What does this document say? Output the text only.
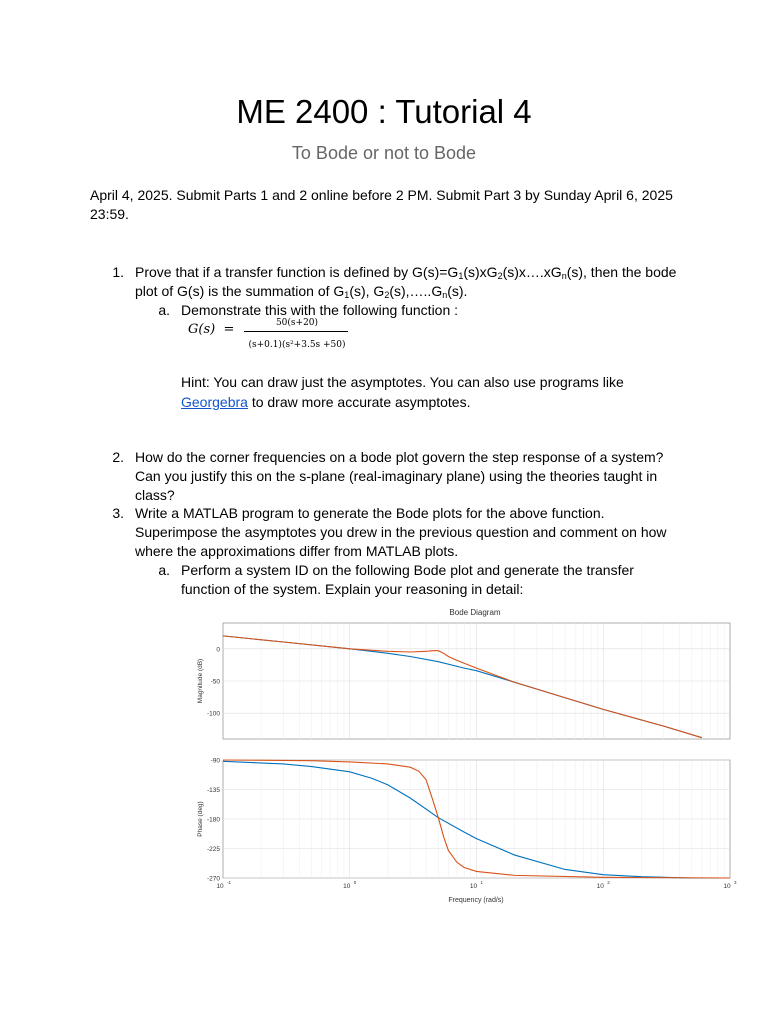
ME 2400 : Tutorial 4
To Bode or not to Bode
April 4, 2025. Submit Parts 1 and 2 online before 2 PM. Submit Part 3 by Sunday April 6, 2025 23:59.
1. Prove that if a transfer function is defined by $G(s)=G_1(s)xG_2(s)x\dots.xG_n(s)$, then the bode
plot of G(s) is the summation of $G_1(s)$, $G_2(s),\dots..G_n(s)$.
a. Demonstrate this with the following function :
G(s)  =	50(s+20)
(s+0.1)(s²+3.5s +50)
Hint: You can draw just the asymptotes. You can also use programs like
Georgebra to draw more accurate asymptotes.
2. How do the corner frequencies on a bode plot govern the step response of a system?
Can you justify this on the s-plane (real-imaginary plane) using the theories taught in
class?
3. Write a MATLAB program to generate the Bode plots for the above function.
Superimpose the asymptotes you drew in the previous question and comment on how
where the approximations differ from MATLAB plots.
a. Perform a system ID on the following Bode plot and generate the transfer
function of the system. Explain your reasoning in detail:
Bode Diagram
0
-50
-100
-90
-135
-180
-225
-270
10
-1
10
0
10
1
10
2
10
3
Magnitude (dB)
Phase (deg)
Frequency (rad/s)
